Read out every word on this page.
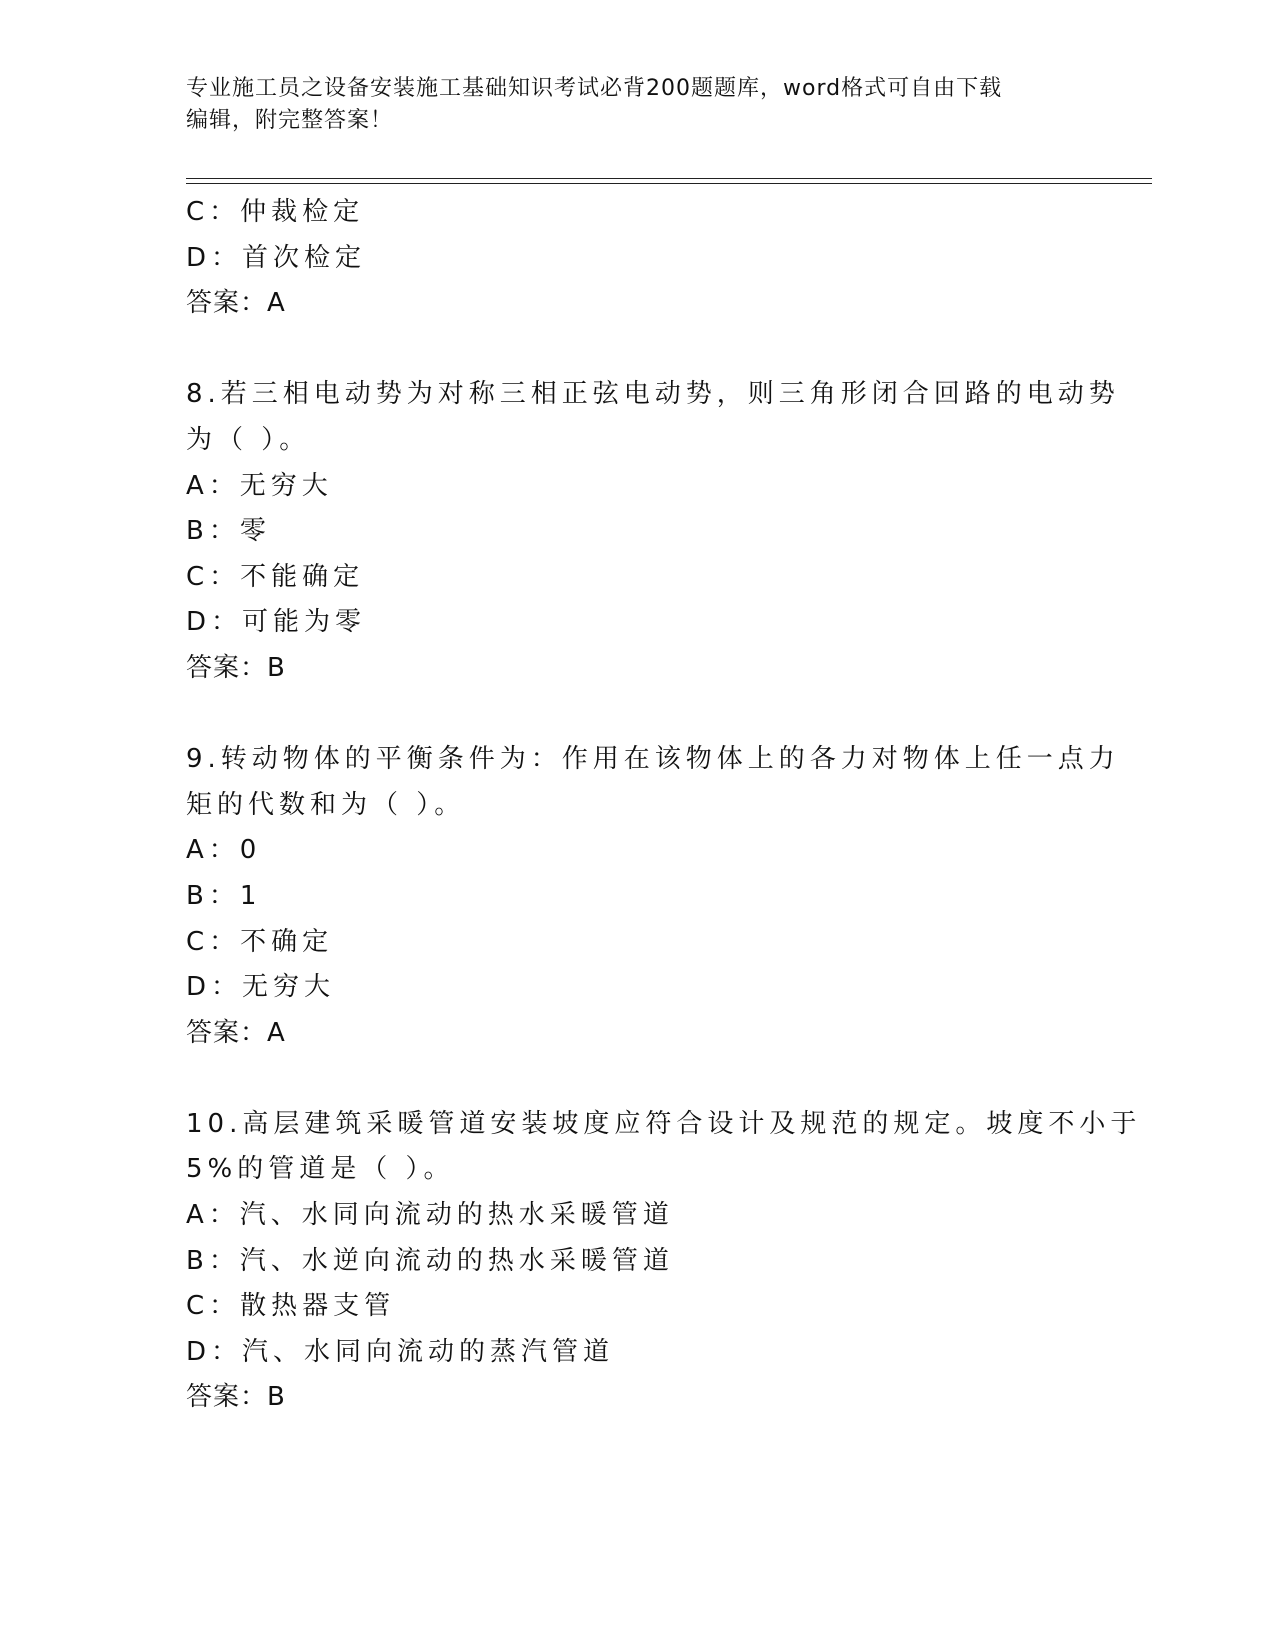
专业施工员之设备安装施工基础知识考试必背200题题库，word格式可自由下载
编辑，附完整答案！
C：仲裁检定
D：首次检定
答案：A
8.若三相电动势为对称三相正弦电动势，则三角形闭合回路的电动势
为（ ）。
A：无穷大
B：零
C：不能确定
D：可能为零
答案：B
9.转动物体的平衡条件为：作用在该物体上的各力对物体上任一点力
矩的代数和为（ ）。
A：0
B：1
C：不确定
D：无穷大
答案：A
10.高层建筑采暖管道安装坡度应符合设计及规范的规定。坡度不小于
5%的管道是（ ）。
A：汽、水同向流动的热水采暖管道
B：汽、水逆向流动的热水采暖管道
C：散热器支管
D：汽、水同向流动的蒸汽管道
答案：B
